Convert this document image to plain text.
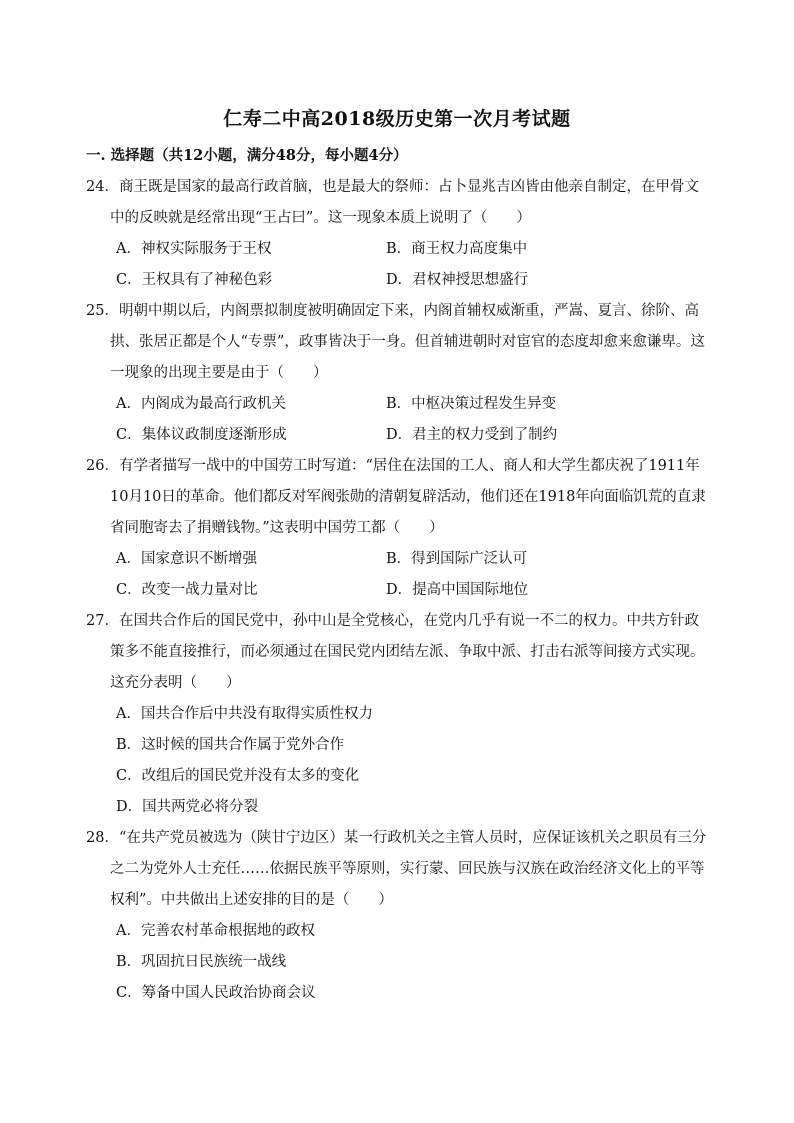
仁寿二中高2018级历史第一次月考试题
一. 选择题（共12小题，满分48分，每小题4分）
24．商王既是国家的最高行政首脑，也是最大的祭师：占卜显兆吉凶皆由他亲自制定，在甲骨文中的反映就是经常出现“王占曰”。这一现象本质上说明了（　　）
A．神权实际服务于王权	B．商王权力高度集中
C．王权具有了神秘色彩	D．君权神授思想盛行
25．明朝中期以后，内阁票拟制度被明确固定下来，内阁首辅权威渐重，严嵩、夏言、徐阶、高拱、张居正都是个人“专票”，政事皆决于一身。但首辅进朝时对宦官的态度却愈来愈谦卑。这一现象的出现主要是由于（　　）
A．内阁成为最高行政机关	B．中枢决策过程发生异变
C．集体议政制度逐渐形成	D．君主的权力受到了制约
26．有学者描写一战中的中国劳工时写道：“居住在法国的工人、商人和大学生都庆祝了1911年10月10日的革命。他们都反对军阀张勋的清朝复辟活动，他们还在1918年向面临饥荒的直隶省同胞寄去了捐赠钱物。”这表明中国劳工都（　　）
A．国家意识不断增强	B．得到国际广泛认可
C．改变一战力量对比	D．提高中国国际地位
27．在国共合作后的国民党中，孙中山是全党核心，在党内几乎有说一不二的权力。中共方针政策多不能直接推行，而必须通过在国民党内团结左派、争取中派、打击右派等间接方式实现。这充分表明（　　）
A．国共合作后中共没有取得实质性权力
B．这时候的国共合作属于党外合作
C．改组后的国民党并没有太多的变化
D．国共两党必将分裂
28．“在共产党员被选为（陕甘宁边区）某一行政机关之主管人员时，应保证该机关之职员有三分之二为党外人士充任……依据民族平等原则，实行蒙、回民族与汉族在政治经济文化上的平等权利”。中共做出上述安排的目的是（　　）
A．完善农村革命根据地的政权
B．巩固抗日民族统一战线
C．筹备中国人民政治协商会议
